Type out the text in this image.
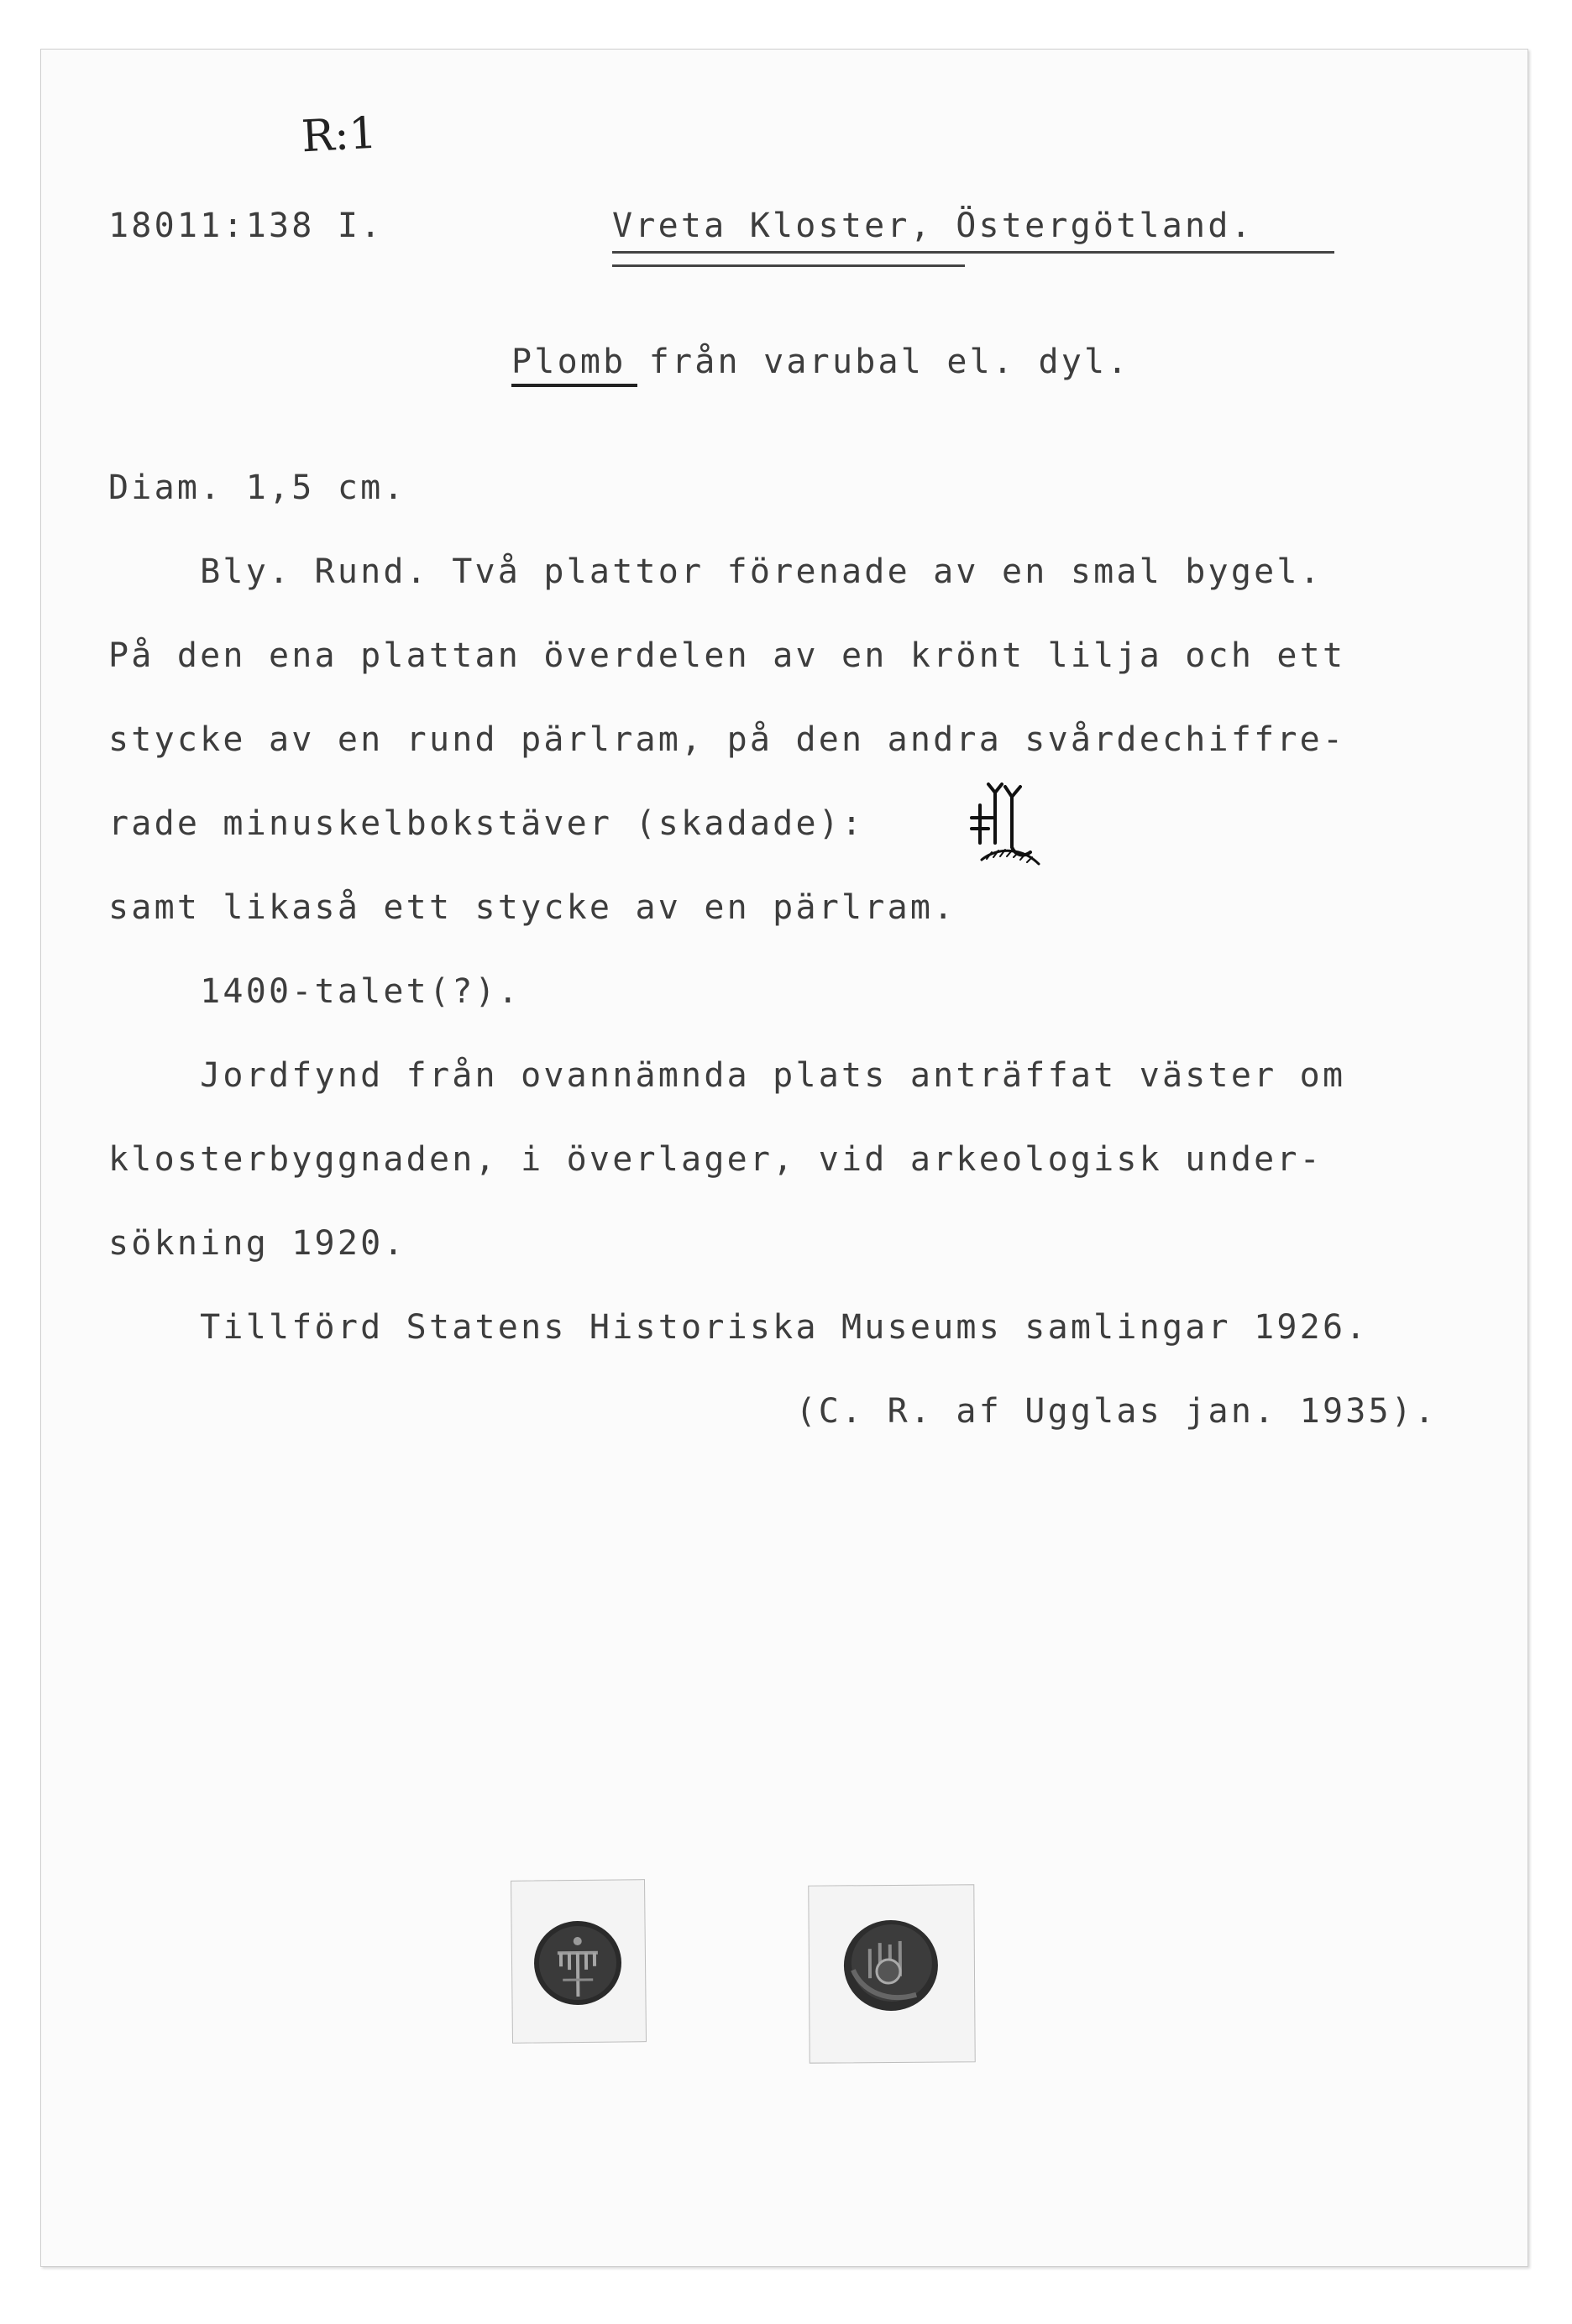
R:1
18011:138 I.	Vreta Kloster, Östergötland.
Plomb från varubal el. dyl.
Diam. 1,5 cm.
Bly. Rund. Två plattor förenade av en smal bygel.
På den ena plattan överdelen av en krönt lilja och ett
stycke av en rund pärlram, på den andra svårdechiffre-
rade minuskelbokstäver (skadade):
samt likaså ett stycke av en pärlram.
1400-talet(?).
Jordfynd från ovannämnda plats anträffat väster om
klosterbyggnaden, i överlager, vid arkeologisk under-
sökning 1920.
Tillförd Statens Historiska Museums samlingar 1926.
(C. R. af Ugglas jan. 1935).
